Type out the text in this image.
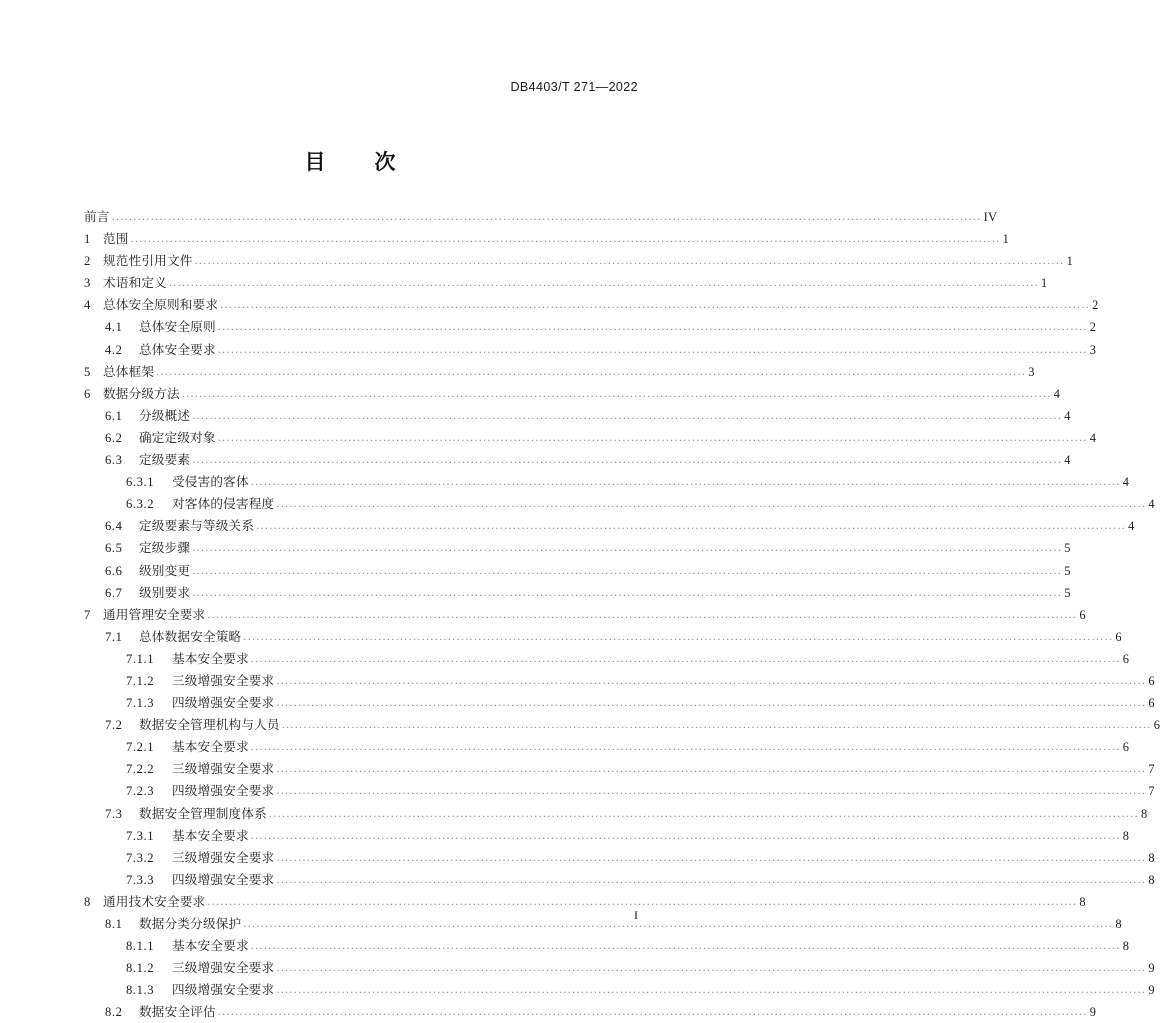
DB4403/T 271—2022
目　次
前言 .....	IV
1 范围 .....	1
2 规范性引用文件 .....	1
3 术语和定义 .....	1
4 总体安全原则和要求 .....	2
4.1	总体安全原则 .....	2
4.2	总体安全要求 .....	3
5 总体框架 .....	3
6 数据分级方法 .....	4
6.1	分级概述 .....	4
6.2	确定定级对象 .....	4
6.3	定级要素 .....	4
6.3.1	受侵害的客体 .....	4
6.3.2	对客体的侵害程度 .....	4
6.4	定级要素与等级关系 .....	4
6.5	定级步骤 .....	5
6.6	级别变更 .....	5
6.7	级别要求 .....	5
7 通用管理安全要求 .....	6
7.1	总体数据安全策略 .....	6
7.1.1	基本安全要求 .....	6
7.1.2	三级增强安全要求 .....	6
7.1.3	四级增强安全要求 .....	6
7.2	数据安全管理机构与人员 .....	6
7.2.1	基本安全要求 .....	6
7.2.2	三级增强安全要求 .....	7
7.2.3	四级增强安全要求 .....	7
7.3	数据安全管理制度体系 .....	8
7.3.1	基本安全要求 .....	8
7.3.2	三级增强安全要求 .....	8
7.3.3	四级增强安全要求 .....	8
8 通用技术安全要求 .....	8
8.1	数据分类分级保护 .....	8
8.1.1	基本安全要求 .....	8
8.1.2	三级增强安全要求 .....	9
8.1.3	四级增强安全要求 .....	9
8.2	数据安全评估 .....	9
I
